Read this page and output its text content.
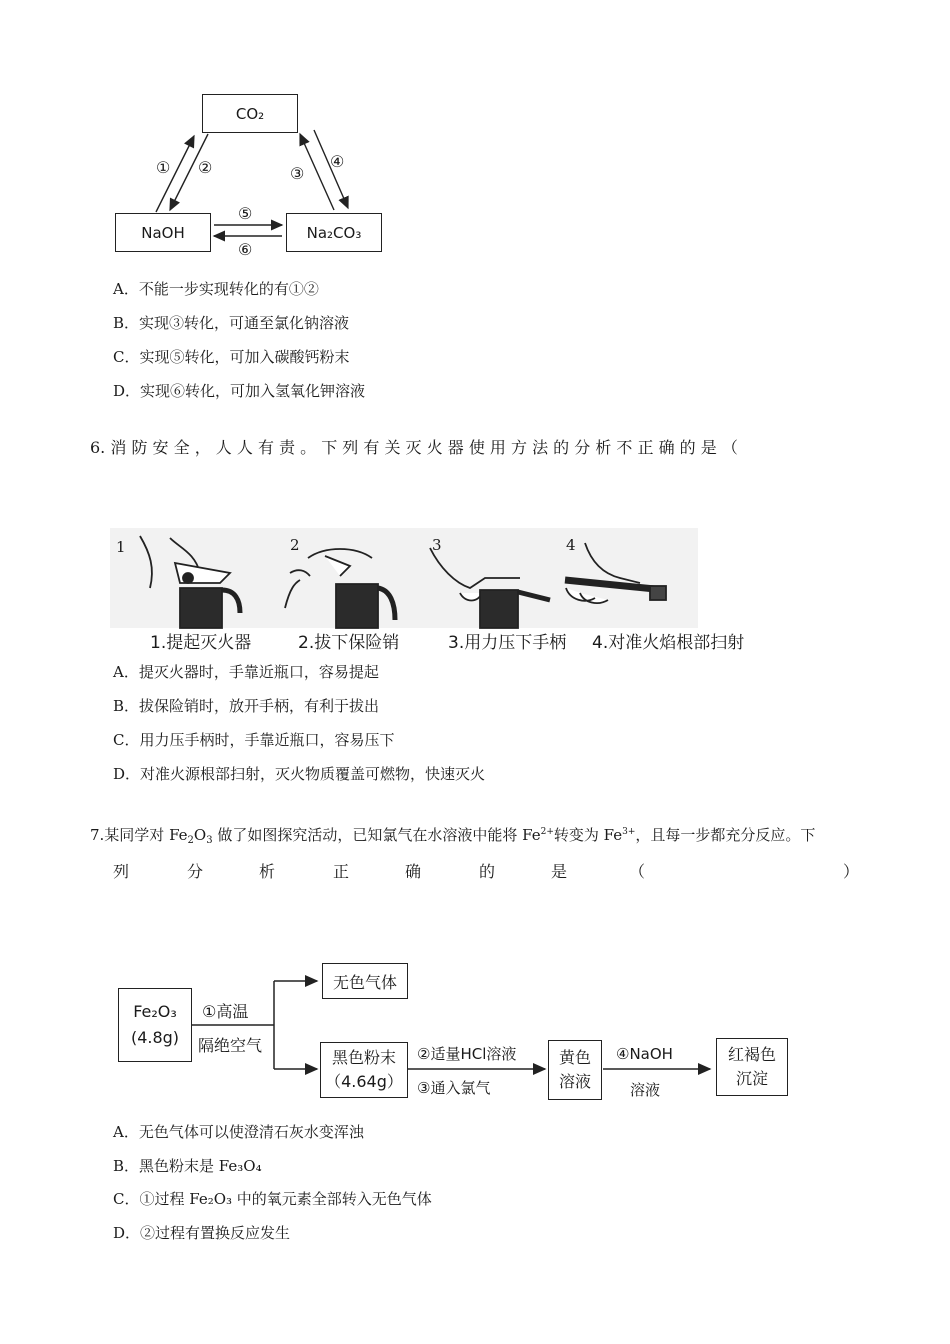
CO₂
NaOH	Na₂CO₃
① ②	③
④
⑤
⑥
A．不能一步实现转化的有①②
B．实现③转化，可通至氯化钠溶液
C．实现⑤转化，可加入碳酸钙粉末
D．实现⑥转化，可加入氢氧化钾溶液
6. 消 防 安 全 ， 人 人 有 责 。 下 列 有 关 灭 火 器 使 用 方 法 的 分 析 不 正 确 的 是 （
1	2	3	4
1.提起灭火器	2.拔下保险销	3.用力压下手柄 4.对准火焰根部扫射
A．提灭火器时，手靠近瓶口，容易提起
B．拔保险销时，放开手柄，有利于拔出
C．用力压手柄时，手靠近瓶口，容易压下
D．对准火源根部扫射，灭火物质覆盖可燃物，快速灭火
7.某同学对 $Fe_2O_3$ 做了如图探究活动，已知氯气在水溶液中能将 $Fe^{2+}$转变为 $Fe^{3+}$，且每一步都充分反应。下
列	分	析	正	确	的	是	（	）
Fe₂O₃
(4.8g)
①高温
隔绝空气
无色气体
黑色粉末
（4.64g）
②适量HCl溶液
③通入氯气
黄色
溶液
④NaOH
溶液
红褐色
沉淀
A．无色气体可以使澄清石灰水变浑浊
B．黑色粉末是 Fe₃O₄
C．①过程 Fe₂O₃ 中的氧元素全部转入无色气体
D．②过程有置换反应发生
